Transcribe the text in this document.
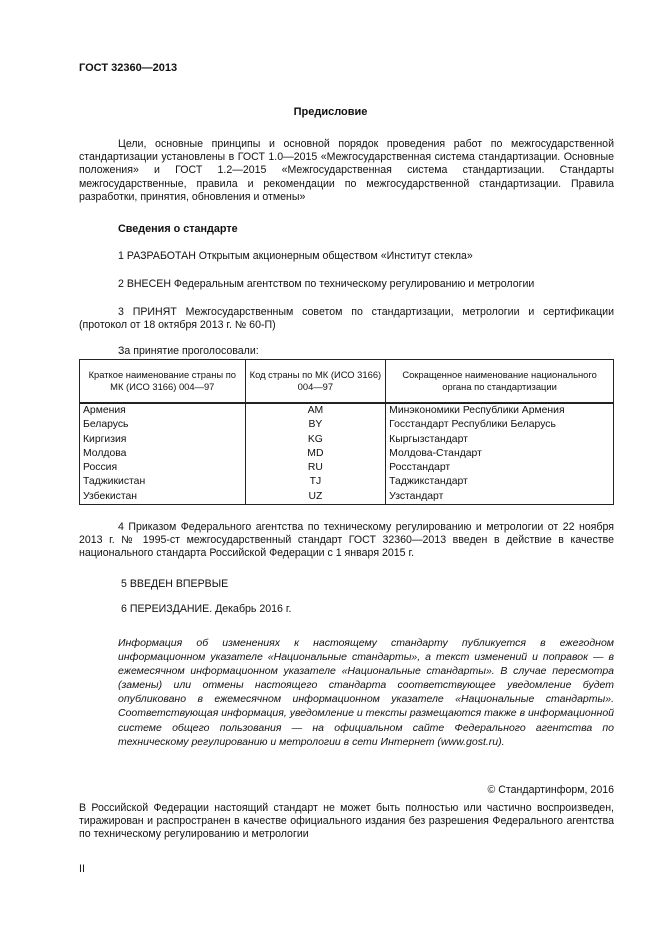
ГОСТ 32360—2013
Предисловие
Цели, основные принципы и основной порядок проведения работ по межгосударственной стандартизации установлены в ГОСТ 1.0—2015 «Межгосударственная система стандартизации. Основные положения» и ГОСТ 1.2—2015 «Межгосударственная система стандартизации. Стандарты межгосударственные, правила и рекомендации по межгосударственной стандартизации. Правила разработки, принятия, обновления и отмены»
Сведения о стандарте
1 РАЗРАБОТАН Открытым акционерным обществом «Институт стекла»
2 ВНЕСЕН Федеральным агентством по техническому регулированию и метрологии
3 ПРИНЯТ Межгосударственным советом по стандартизации, метрологии и сертификации (протокол от 18 октября 2013 г. № 60-П)
За принятие проголосовали:
Краткое наименование страны по МК (ИСО 3166) 004—97	Код страны по МК (ИСО 3166) 004—97	Сокращенное наименование национального органа по стандартизации
Армения	AM	Минэкономики Республики Армения
Беларусь	BY	Госстандарт Республики Беларусь
Киргизия	KG	Кыргызстандарт
Молдова	MD	Молдова-Стандарт
Россия	RU	Росстандарт
Таджикистан	TJ	Таджикстандарт
Узбекистан	UZ	Узстандарт
4 Приказом Федерального агентства по техническому регулированию и метрологии от 22 ноября 2013 г. № 1995-ст межгосударственный стандарт ГОСТ 32360—2013 введен в действие в качестве национального стандарта Российской Федерации с 1 января 2015 г.
5 ВВЕДЕН ВПЕРВЫЕ
6 ПЕРЕИЗДАНИЕ. Декабрь 2016 г.
Информация об изменениях к настоящему стандарту публикуется в ежегодном информационном указателе «Национальные стандарты», а текст изменений и поправок — в ежемесячном информационном указателе «Национальные стандарты». В случае пересмотра (замены) или отмены настоящего стандарта соответствующее уведомление будет опубликовано в ежемесячном информационном указателе «Национальные стандарты». Соответствующая информация, уведомление и тексты размещаются также в информационной системе общего пользования — на официальном сайте Федерального агентства по техническому регулированию и метрологии в сети Интернет (www.gost.ru).
© Стандартинформ, 2016
В Российской Федерации настоящий стандарт не может быть полностью или частично воспроизведен, тиражирован и распространен в качестве официального издания без разрешения Федерального агентства по техническому регулированию и метрологии
II
